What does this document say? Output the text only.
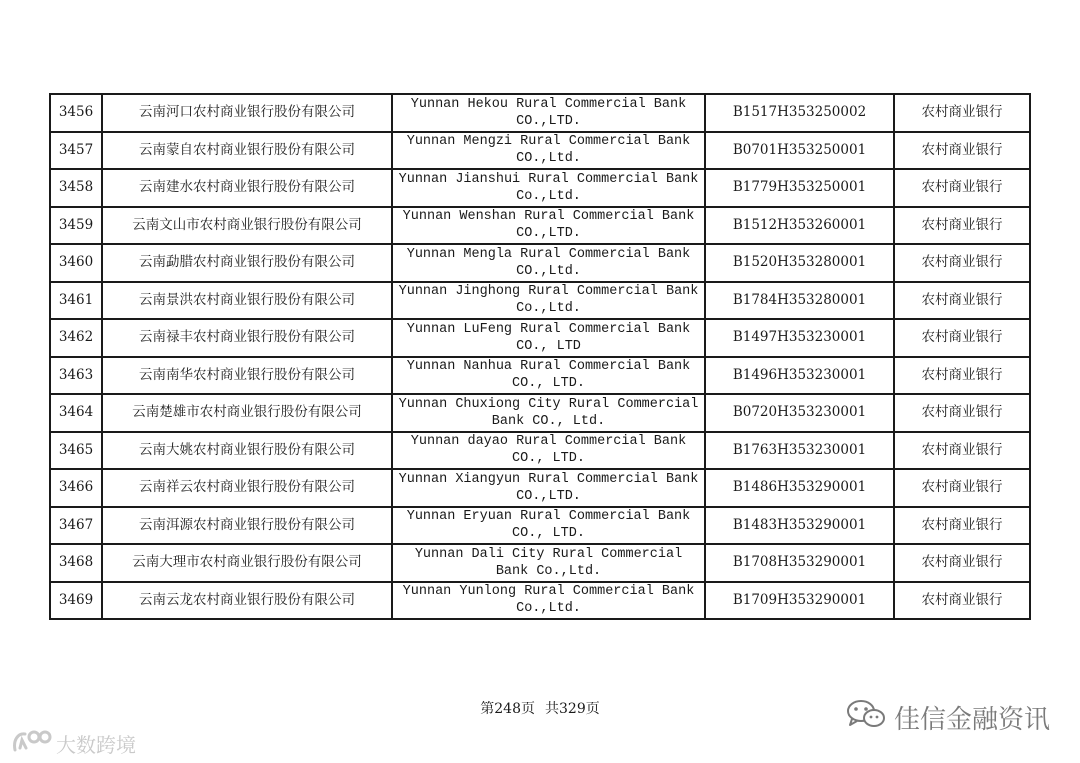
3456	云南河口农村商业银行股份有限公司	Yunnan Hekou Rural Commercial Bank CO.,LTD.	B1517H353250002	农村商业银行
3457	云南蒙自农村商业银行股份有限公司	Yunnan Mengzi Rural Commercial Bank CO.,Ltd.	B0701H353250001	农村商业银行
3458	云南建水农村商业银行股份有限公司	Yunnan Jianshui Rural Commercial Bank Co.,Ltd.	B1779H353250001	农村商业银行
3459	云南文山市农村商业银行股份有限公司	Yunnan Wenshan Rural Commercial Bank CO.,LTD.	B1512H353260001	农村商业银行
3460	云南勐腊农村商业银行股份有限公司	Yunnan Mengla Rural Commercial Bank CO.,Ltd.	B1520H353280001	农村商业银行
3461	云南景洪农村商业银行股份有限公司	Yunnan Jinghong Rural Commercial Bank Co.,Ltd.	B1784H353280001	农村商业银行
3462	云南禄丰农村商业银行股份有限公司	Yunnan LuFeng Rural Commercial Bank CO., LTD	B1497H353230001	农村商业银行
3463	云南南华农村商业银行股份有限公司	Yunnan Nanhua Rural Commercial Bank CO., LTD.	B1496H353230001	农村商业银行
3464	云南楚雄市农村商业银行股份有限公司	Yunnan Chuxiong City Rural Commercial Bank CO., Ltd.	B0720H353230001	农村商业银行
3465	云南大姚农村商业银行股份有限公司	Yunnan dayao Rural Commercial Bank CO., LTD.	B1763H353230001	农村商业银行
3466	云南祥云农村商业银行股份有限公司	Yunnan Xiangyun Rural Commercial Bank CO.,LTD.	B1486H353290001	农村商业银行
3467	云南洱源农村商业银行股份有限公司	Yunnan Eryuan Rural Commercial Bank CO., LTD.	B1483H353290001	农村商业银行
3468	云南大理市农村商业银行股份有限公司	Yunnan Dali City Rural Commercial Bank Co.,Ltd.	B1708H353290001	农村商业银行
3469	云南云龙农村商业银行股份有限公司	Yunnan Yunlong Rural Commercial Bank Co.,Ltd.	B1709H353290001	农村商业银行
第248页 共329页
大数跨境
佳信金融资讯
